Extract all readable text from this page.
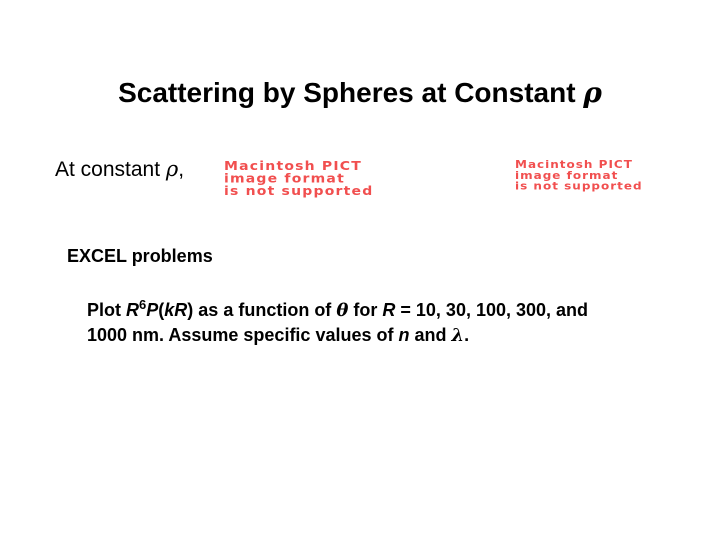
Scattering by Spheres at Constant ρ
At constant ρ,	Macintosh PICT
image format
is not supported
Macintosh PICT
image format
is not supported
EXCEL problems
Plot $R^6P(kR)$ as a function of θ for R = 10, 30, 100, 300, and
1000 nm. Assume specific values of n and λ.
